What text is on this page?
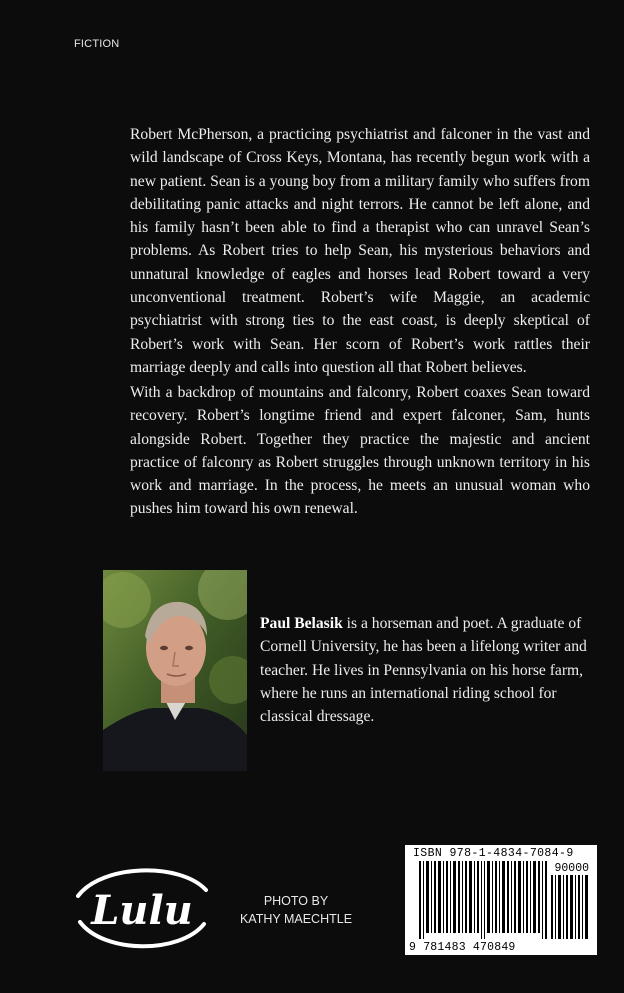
FICTION

Robert McPherson, a practicing psychiatrist and falconer in the vast and wild landscape of Cross Keys, Montana, has recently begun work with a new patient. Sean is a young boy from a military family who suffers from debilitating panic attacks and night terrors. He cannot be left alone, and his family hasn’t been able to find a therapist who can unravel Sean’s problems. As Robert tries to help Sean, his mysterious behaviors and unnatural knowledge of eagles and horses lead Robert toward a very unconventional treatment. Robert’s wife Maggie, an academic psychiatrist with strong ties to the east coast, is deeply skeptical of Robert’s work with Sean. Her scorn of Robert’s work rattles their marriage deeply and calls into question all that Robert believes.

With a backdrop of mountains and falconry, Robert coaxes Sean toward recovery. Robert’s longtime friend and expert falconer, Sam, hunts alongside Robert. Together they practice the majestic and ancient practice of falconry as Robert struggles through unknown territory in his work and marriage. In the process, he meets an unusual woman who pushes him toward his own renewal.

Paul Belasik is a horseman and poet. A graduate of Cornell University, he has been a lifelong writer and teacher. He lives in Pennsylvania on his horse farm, where he runs an international riding school for classical dressage.

Lulu	PHOTO BY
KATHY MAECHTLE
ISBN 978-1-4834-7084-9
90000
9 781483 470849
